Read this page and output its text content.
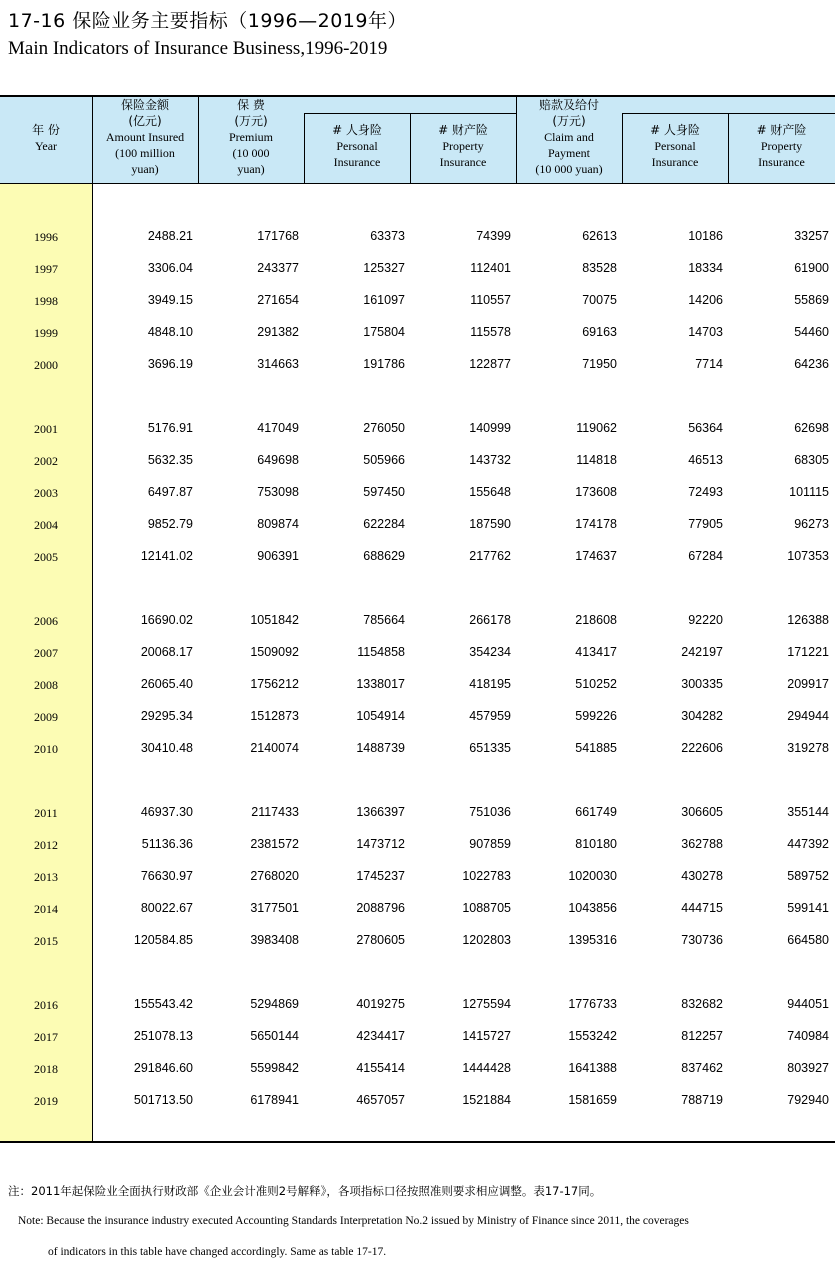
17-16 保险业务主要指标（1996—2019年）
Main Indicators of Insurance Business,1996-2019
年 份
Year
保险金额
(亿元)
Amount Insured
(100 million
yuan)
保 费
(万元)
Premium
(10 000
yuan)
# 人身险
Personal
Insurance
# 财产险
Property
Insurance
赔款及给付
(万元)
Claim and
Payment
(10 000 yuan)
# 人身险
Personal
Insurance
# 财产险
Property
Insurance
1996	2488.21	171768	63373	74399	62613	10186	33257
1997	3306.04	243377	125327	112401	83528	18334	61900
1998	3949.15	271654	161097	110557	70075	14206	55869
1999	4848.10	291382	175804	115578	69163	14703	54460
2000	3696.19	314663	191786	122877	71950	7714	64236
2001	5176.91	417049	276050	140999	119062	56364	62698
2002	5632.35	649698	505966	143732	114818	46513	68305
2003	6497.87	753098	597450	155648	173608	72493	101115
2004	9852.79	809874	622284	187590	174178	77905	96273
2005	12141.02	906391	688629	217762	174637	67284	107353
2006	16690.02	1051842	785664	266178	218608	92220	126388
2007	20068.17	1509092	1154858	354234	413417	242197	171221
2008	26065.40	1756212	1338017	418195	510252	300335	209917
2009	29295.34	1512873	1054914	457959	599226	304282	294944
2010	30410.48	2140074	1488739	651335	541885	222606	319278
2011	46937.30	2117433	1366397	751036	661749	306605	355144
2012	51136.36	2381572	1473712	907859	810180	362788	447392
2013	76630.97	2768020	1745237	1022783	1020030	430278	589752
2014	80022.67	3177501	2088796	1088705	1043856	444715	599141
2015	120584.85	3983408	2780605	1202803	1395316	730736	664580
2016	155543.42	5294869	4019275	1275594	1776733	832682	944051
2017	251078.13	5650144	4234417	1415727	1553242	812257	740984
2018	291846.60	5599842	4155414	1444428	1641388	837462	803927
2019	501713.50	6178941	4657057	1521884	1581659	788719	792940
注：2011年起保险业全面执行财政部《企业会计准则2号解释》，各项指标口径按照准则要求相应调整。表17-17同。
Note: Because the insurance industry executed Accounting Standards Interpretation No.2 issued by Ministry of Finance since 2011, the coverages
of indicators in this table have changed accordingly. Same as table 17-17.
